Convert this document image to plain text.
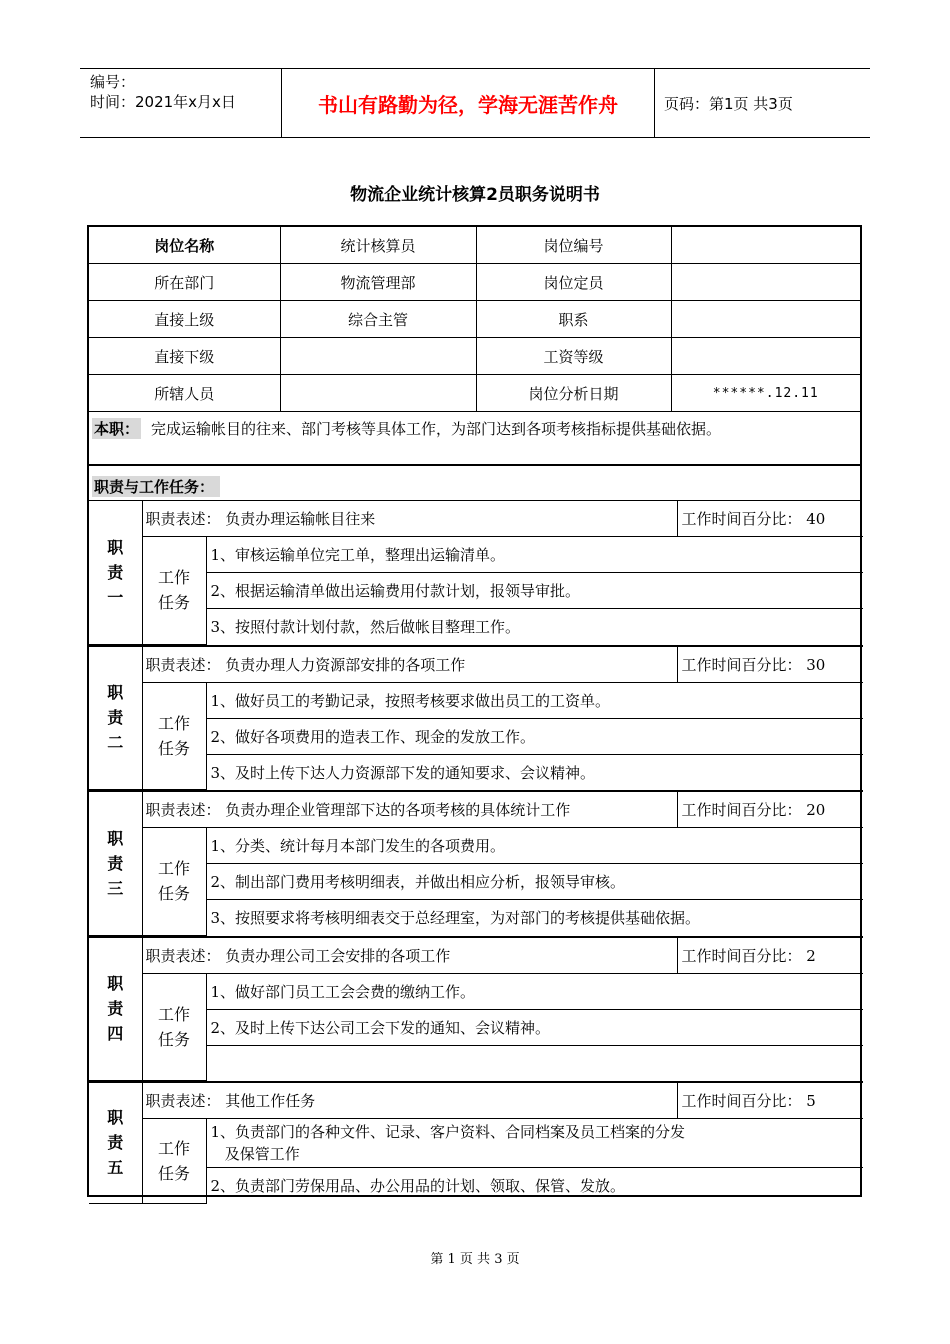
编号：
时间：2021年x月x日	书山有路勤为径，学海无涯苦作舟	页码：第1页 共3页
物流企业统计核算2员职务说明书
岗位名称	统计核算员	岗位编号	
所在部门	物流管理部	岗位定员	
直接上级	综合主管	职系	
直接下级		工资等级	
所辖人员		岗位分析日期	******.12.11
本职： 完成运输帐目的往来、部门考核等具体工作，为部门达到各项考核指标提供基础依据。
职责与工作任务：
职
责
一	职责表述： 负责办理运输帐目往来		工作时间百分比： 40
	工作
任务	1、审核运输单位完工单，整理出运输清单。	
		2、根据运输清单做出运输费用付款计划，报领导审批。	
		3、按照付款计划付款，然后做帐目整理工作。	
职
责
二	职责表述： 负责办理人力资源部安排的各项工作		工作时间百分比： 30
	工作
任务	1、做好员工的考勤记录，按照考核要求做出员工的工资单。	
		2、做好各项费用的造表工作、现金的发放工作。	
		3、及时上传下达人力资源部下发的通知要求、会议精神。	
职
责
三	职责表述： 负责办理企业管理部下达的各项考核的具体统计工作		工作时间百分比： 20
	工作
任务	1、分类、统计每月本部门发生的各项费用。	
		2、制出部门费用考核明细表，并做出相应分析，报领导审核。	
		3、按照要求将考核明细表交于总经理室，为对部门的考核提供基础依据。	
职
责
四	职责表述： 负责办理公司工会安排的各项工作		工作时间百分比： 2
	工作
任务	1、做好部门员工工会会费的缴纳工作。	
		2、及时上传下达公司工会下发的通知、会议精神。	

职
责
五	职责表述： 其他工作任务		工作时间百分比： 5
	工作
任务	1、负责部门的各种文件、记录、客户资料、合同档案及员工档案的分发
及保管工作	
		2、负责部门劳保用品、办公用品的计划、领取、保管、发放。	
第 1 页 共 3 页
